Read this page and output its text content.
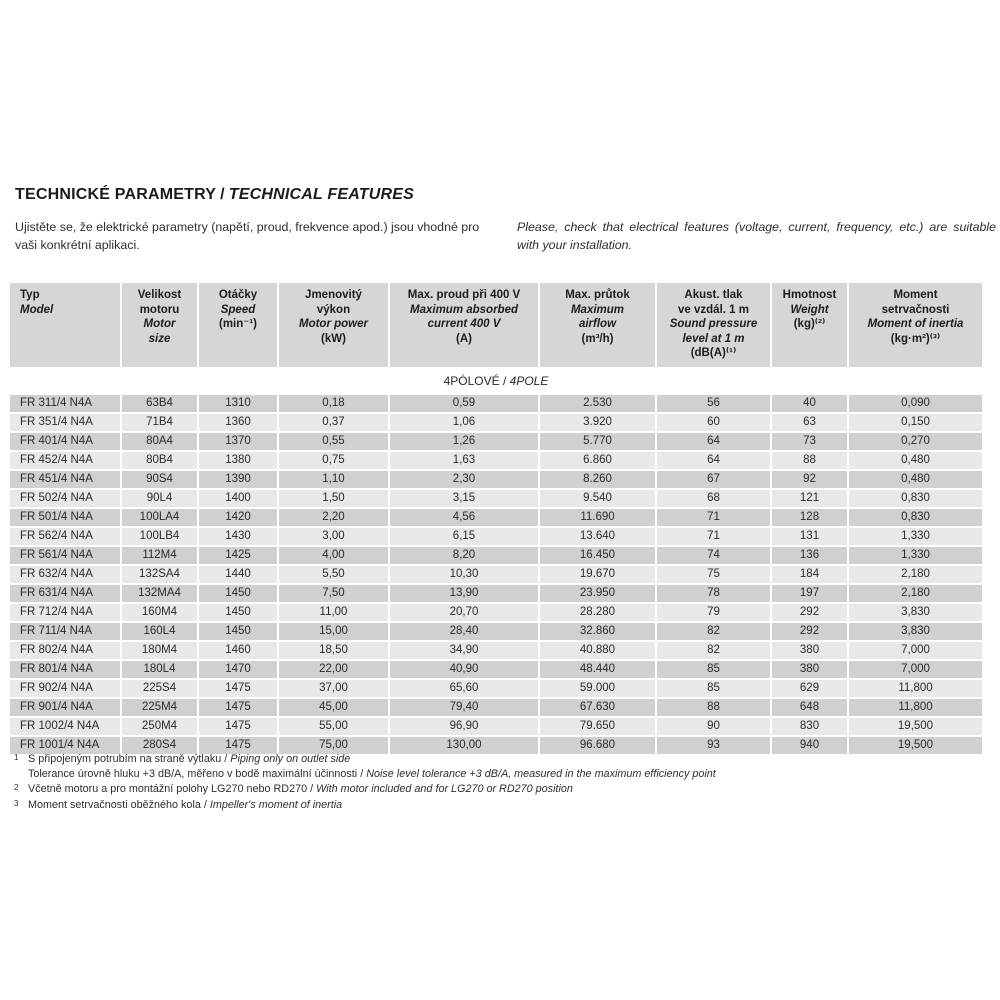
TECHNICKÉ PARAMETRY / TECHNICAL FEATURES

Ujistěte se, že elektrické parametry (napětí, proud, frekvence apod.) jsou vhodné pro vaši konkrétní aplikaci.

Please, check that electrical features (voltage, current, frequency, etc.) are suitable with your installation.

Typ
Model

Velikost
motoru
Motor
size

Otáčky
Speed
(min⁻¹)

Jmenovitý
výkon
Motor power
(kW)

Max. proud při 400 V
Maximum absorbed
current 400 V
(A)

Max. průtok
Maximum
airflow
(m³/h)

Akust. tlak
ve vzdál. 1 m
Sound pressure
level at 1 m
(dB(A)⁽¹⁾

Hmotnost
Weight
(kg)⁽²⁾

Moment
setrvačnosti
Moment of inertia
(kg·m²)⁽³⁾

4PÓLOVÉ / 4POLE								
FR 311/4 N4A	63B4	1310	0,18	0,59	2.530	56	40	0,090
FR 351/4 N4A	71B4	1360	0,37	1,06	3.920	60	63	0,150
FR 401/4 N4A	80A4	1370	0,55	1,26	5.770	64	73	0,270
FR 452/4 N4A	80B4	1380	0,75	1,63	6.860	64	88	0,480
FR 451/4 N4A	90S4	1390	1,10	2,30	8.260	67	92	0,480
FR 502/4 N4A	90L4	1400	1,50	3,15	9.540	68	121	0,830
FR 501/4 N4A	100LA4	1420	2,20	4,56	11.690	71	128	0,830
FR 562/4 N4A	100LB4	1430	3,00	6,15	13.640	71	131	1,330
FR 561/4 N4A	112M4	1425	4,00	8,20	16.450	74	136	1,330
FR 632/4 N4A	132SA4	1440	5,50	10,30	19.670	75	184	2,180
FR 631/4 N4A	132MA4	1450	7,50	13,90	23.950	78	197	2,180
FR 712/4 N4A	160M4	1450	11,00	20,70	28.280	79	292	3,830
FR 711/4 N4A	160L4	1450	15,00	28,40	32.860	82	292	3,830
FR 802/4 N4A	180M4	1460	18,50	34,90	40.880	82	380	7,000
FR 801/4 N4A	180L4	1470	22,00	40,90	48.440	85	380	7,000
FR 902/4 N4A	225S4	1475	37,00	65,60	59.000	85	629	11,800
FR 901/4 N4A	225M4	1475	45,00	79,40	67.630	88	648	11,800
FR 1002/4 N4A	250M4	1475	55,00	96,90	79.650	90	830	19,500
FR 1001/4 N4A	280S4	1475	75,00	130,00	96.680	93	940	19,500
1 S připojeným potrubím na straně výtlaku / Piping only on outlet side
Tolerance úrovně hluku +3 dB/A, měřeno v bodě maximální účinnosti / Noise level tolerance +3 dB/A, measured in the maximum efficiency point
2 Včetně motoru a pro montážní polohy LG270 nebo RD270 / With motor included and for LG270 or RD270 position
3 Moment setrvačnosti oběžného kola / Impeller's moment of inertia
